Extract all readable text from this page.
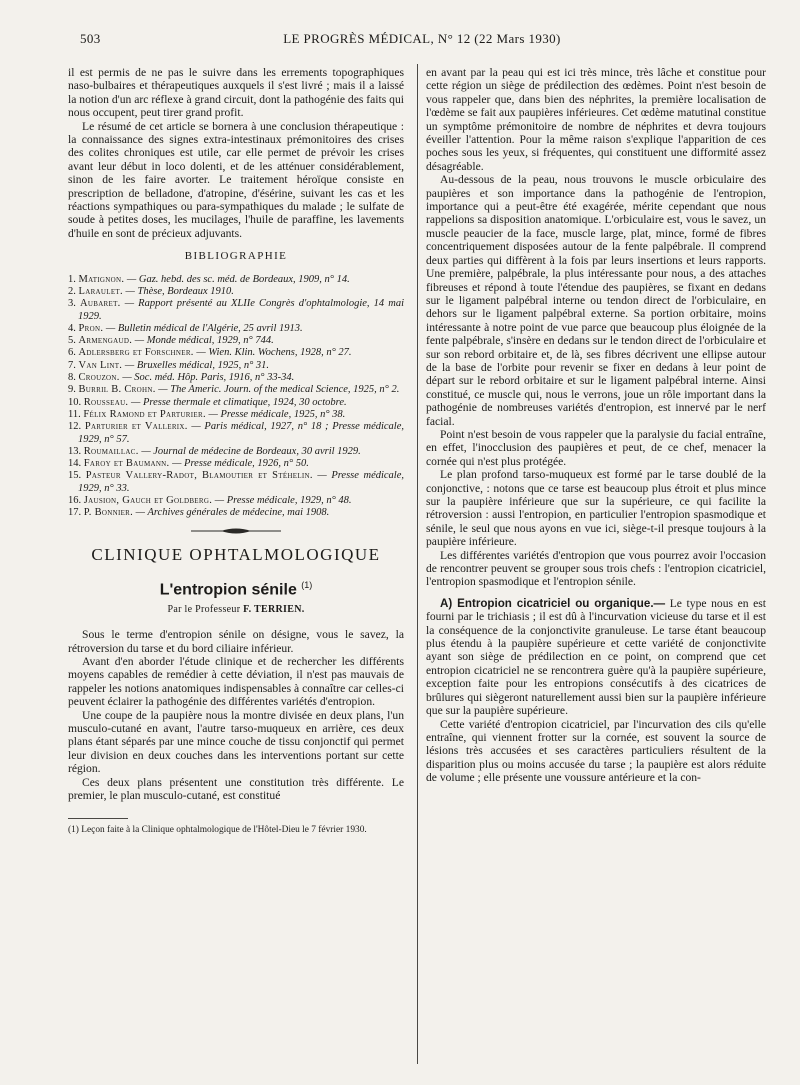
503	LE PROGRÈS MÉDICAL, N° 12 (22 Mars 1930)

il est permis de ne pas le suivre dans les errements topographiques naso-bulbaires et thérapeutiques auxquels il s'est livré ; mais il a laissé la notion d'un arc réflexe à grand circuit, dont la pathogénie des faits qui nous occupent, peut tirer grand profit.

Le résumé de cet article se bornera à une conclusion thérapeutique : la connaissance des signes extra-intestinaux prémonitoires des crises des colites chroniques est utile, car elle permet de prévoir les crises avant leur début in loco dolenti, et de les atténuer considérablement, sinon de les faire avorter. Le traitement héroïque consiste en prescription de belladone, d'atropine, d'ésérine, suivant les cas et les réactions sympathiques ou para-sympathiques du malade ; le sulfate de soude à petites doses, les mucilages, l'huile de paraffine, les lavements d'huile en sont de précieux adjuvants.

BIBLIOGRAPHIE
1. Matignon. — Gaz. hebd. des sc. méd. de Bordeaux, 1909, n° 14.
2. Laraulet. — Thèse, Bordeaux 1910.
3. Aubaret. — Rapport présenté au XLIIe Congrès d'ophtalmologie, 14 mai 1929.
4. Pron. — Bulletin médical de l'Algérie, 25 avril 1913.
5. Armengaud. — Monde médical, 1929, n° 744.
6. Adlersberg et Forschner. — Wien. Klin. Wochens, 1928, n° 27.
7. Van Lint. — Bruxelles médical, 1925, n° 31.
8. Crouzon. — Soc. méd. Hôp. Paris, 1916, n° 33-34.
9. Burril B. Crohn. — The Americ. Journ. of the medical Science, 1925, n° 2.
10. Rousseau. — Presse thermale et climatique, 1924, 30 octobre.
11. Félix Ramond et Parturier. — Presse médicale, 1925, n° 38.
12. Parturier et Vallerix. — Paris médical, 1927, n° 18 ; Presse médicale, 1929, n° 57.
13. Roumaillac. — Journal de médecine de Bordeaux, 30 avril 1929.
14. Faroy et Baumann. — Presse médicale, 1926, n° 50.
15. Pasteur Vallery-Radot, Blamoutier et Stéhelin. — Presse médicale, 1929, n° 33.
16. Jausion, Gauch et Goldberg. — Presse médicale, 1929, n° 48.
17. P. Bonnier. — Archives générales de médecine, mai 1908.
CLINIQUE OPHTALMOLOGIQUE
L'entropion sénile $^{(1)}$
Par le Professeur F. TERRIEN.

Sous le terme d'entropion sénile on désigne, vous le savez, la rétroversion du tarse et du bord ciliaire inférieur.

Avant d'en aborder l'étude clinique et de rechercher les différents moyens capables de remédier à cette déviation, il n'est pas mauvais de rappeler les notions anatomiques indispensables à connaître car celles-ci peuvent éclairer la pathogénie des différentes variétés d'entropion.

Une coupe de la paupière nous la montre divisée en deux plans, l'un musculo-cutané en avant, l'autre tarso-muqueux en arrière, ces deux plans étant séparés par une mince couche de tissu conjonctif qui permet leur division en deux couches dans les interventions portant sur cette région.

Ces deux plans présentent une constitution très différente. Le premier, le plan musculo-cutané, est constitué

(1) Leçon faite à la Clinique ophtalmologique de l'Hôtel-Dieu le 7 février 1930.

en avant par la peau qui est ici très mince, très lâche et constitue pour cette région un siège de prédilection des œdèmes. Point n'est besoin de vous rappeler que, dans bien des néphrites, la première localisation de l'œdème se fait aux paupières inférieures. Cet œdème matutinal constitue un symptôme prémonitoire de nombre de néphrites et devra toujours éveiller l'attention. Pour la même raison s'explique l'apparition de ces poches sous les yeux, si fréquentes, qui constituent une difformité assez désagréable.

Au-dessous de la peau, nous trouvons le muscle orbiculaire des paupières et son importance dans la pathogénie de l'entropion, importance qui a peut-être été exagérée, mérite cependant que nous rappelions sa disposition anatomique. L'orbiculaire est, vous le savez, un muscle peaucier de la face, muscle large, plat, mince, formé de fibres concentriquement disposées autour de la fente palpébrale. Il comprend deux parties qui diffèrent à la fois par leurs insertions et leurs rapports. Une première, palpébrale, la plus intéressante pour nous, a des attaches fibreuses et répond à toute l'étendue des paupières, se fixant en dedans sur le ligament palpébral interne ou tendon direct de l'orbiculaire, en dehors sur le ligament palpébral externe. Sa portion orbitaire, moins intéressante à notre point de vue parce que beaucoup plus éloignée de la fente palpébrale, s'insère en dedans sur le tendon direct de l'orbiculaire et sur son rebord orbitaire et, de là, ses fibres décrivent une ellipse autour de la base de l'orbite pour revenir se fixer en dedans à leur point de départ sur le rebord orbitaire et sur le ligament palpébral interne. Ainsi constitué, ce muscle qui, nous le verrons, joue un rôle important dans la pathogénie de nombreuses variétés d'entropion, est innervé par le nerf facial.

Point n'est besoin de vous rappeler que la paralysie du facial entraîne, en effet, l'inocclusion des paupières et peut, de ce chef, menacer la cornée qui n'est plus protégée.

Le plan profond tarso-muqueux est formé par le tarse doublé de la conjonctive, : notons que ce tarse est beaucoup plus étroit et plus mince sur la paupière inférieure que sur la supérieure, ce qui facilite la rétroversion : aussi l'entropion, en particulier l'entropion spasmodique et sénile, le seul que nous ayons en vue ici, siège-t-il presque toujours à la paupière inférieure.

Les différentes variétés d'entropion que vous pourrez avoir l'occasion de rencontrer peuvent se grouper sous trois chefs : l'entropion cicatriciel, l'entropion spasmodique et l'entropion sénile.

A) Entropion cicatriciel ou organique.— Le type nous en est fourni par le trichiasis ; il est dû à l'incurvation vicieuse du tarse et il est la conséquence de la conjonctivite granuleuse. Le tarse étant beaucoup plus étendu à la paupière supérieure et cette variété de conjonctivite ayant son siège de prédilection en ce point, on comprend que cet entropion cicatriciel ne se rencontrera guère qu'à la paupière supérieure, exception faite pour les entropions consécutifs à des cicatrices de brûlures qui siègeront naturellement aussi bien sur la paupière inférieure que sur la paupière supérieure.

Cette variété d'entropion cicatriciel, par l'incurvation des cils qu'elle entraîne, qui viennent frotter sur la cornée, est souvent la source de lésions très accusées et ses caractères particuliers résultent de la disparition plus ou moins accusée du tarse ; la paupière est alors réduite de volume ; elle présente une voussure antérieure et la con-
